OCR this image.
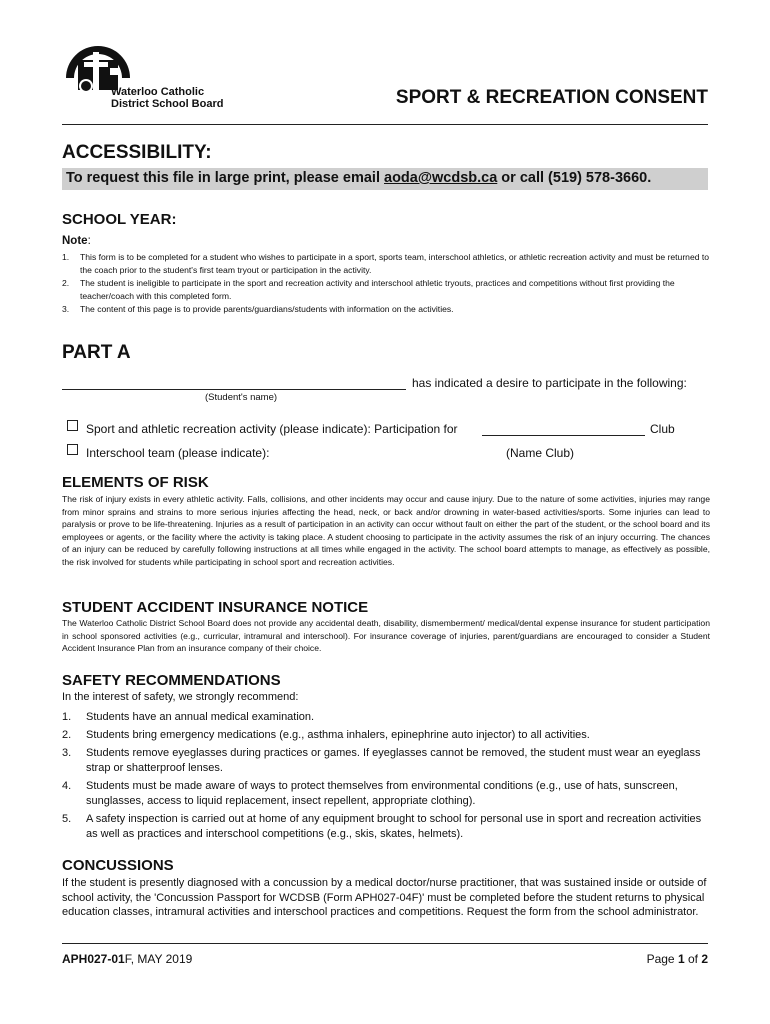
Waterloo Catholic
District School Board	SPORT & RECREATION CONSENT
ACCESSIBILITY:
To request this file in large print, please email aoda@wcdsb.ca or call (519) 578-3660.
SCHOOL YEAR:
Note:
1. This form is to be completed for a student who wishes to participate in a sport, sports team, interschool athletics, or athletic recreation activity and must be returned to the coach prior to the student's first team tryout or participation in the activity.
2. The student is ineligible to participate in the sport and recreation activity and interschool athletic tryouts, practices and competitions without first providing the teacher/coach with this completed form.
3. The content of this page is to provide parents/guardians/students with information on the activities.
PART A
has indicated a desire to participate in the following:
(Student's name)
Sport and athletic recreation activity (please indicate): Participation for	Club
Interschool team (please indicate):	(Name Club)
ELEMENTS OF RISK
The risk of injury exists in every athletic activity. Falls, collisions, and other incidents may occur and cause injury. Due to the nature of some activities, injuries may range from minor sprains and strains to more serious injuries affecting the head, neck, or back and/or drowning in water-based activities/sports. Some injuries can lead to paralysis or prove to be life-threatening. Injuries as a result of participation in an activity can occur without fault on either the part of the student, or the school board and its employees or agents, or the facility where the activity is taking place. A student choosing to participate in the activity assumes the risk of an injury occurring. The chances of an injury can be reduced by carefully following instructions at all times while engaged in the activity. The school board attempts to manage, as effectively as possible, the risk involved for students while participating in school sport and recreation activities.
STUDENT ACCIDENT INSURANCE NOTICE
The Waterloo Catholic District School Board does not provide any accidental death, disability, dismemberment/ medical/dental expense insurance for student participation in school sponsored activities (e.g., curricular, intramural and interschool). For insurance coverage of injuries, parent/guardians are encouraged to consider a Student Accident Insurance Plan from an insurance company of their choice.
SAFETY RECOMMENDATIONS
In the interest of safety, we strongly recommend:
1. Students have an annual medical examination.
2. Students bring emergency medications (e.g., asthma inhalers, epinephrine auto injector) to all activities.
3. Students remove eyeglasses during practices or games. If eyeglasses cannot be removed, the student must wear an eyeglass strap or shatterproof lenses.
4. Students must be made aware of ways to protect themselves from environmental conditions (e.g., use of hats, sunscreen, sunglasses, access to liquid replacement, insect repellent, appropriate clothing).
5. A safety inspection is carried out at home of any equipment brought to school for personal use in sport and recreation activities as well as practices and interschool competitions (e.g., skis, skates, helmets).
CONCUSSIONS
If the student is presently diagnosed with a concussion by a medical doctor/nurse practitioner, that was sustained inside or outside of school activity, the 'Concussion Passport for WCDSB (Form APH027-04F)' must be completed before the student returns to physical education classes, intramural activities and interschool practices and competitions. Request the form from the school administrator.
APH027-01F, MAY 2019	Page 1 of 2
